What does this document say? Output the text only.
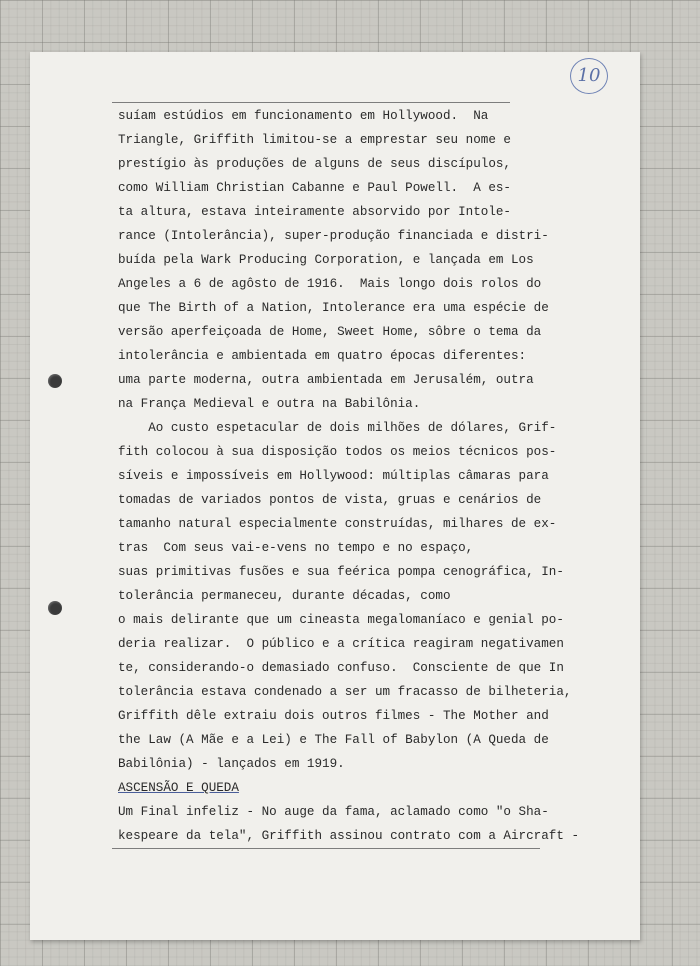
10
suíam estúdios em funcionamento em Hollywood.  Na
Triangle, Griffith limitou-se a emprestar seu nome e
prestígio às produções de alguns de seus discípulos,
como William Christian Cabanne e Paul Powell.  A es-
ta altura, estava inteiramente absorvido por Intole-
rance (Intolerância), super-produção financiada e distri-
buída pela Wark Producing Corporation, e lançada em Los
Angeles a 6 de agôsto de 1916.  Mais longo dois rolos do
que The Birth of a Nation, Intolerance era uma espécie de
versão aperfeiçoada de Home, Sweet Home, sôbre o tema da
intolerância e ambientada em quatro épocas diferentes:
uma parte moderna, outra ambientada em Jerusalém, outra
na França Medieval e outra na Babilônia.
Ao custo espetacular de dois milhões de dólares, Grif-
fith colocou à sua disposição todos os meios técnicos pos-
síveis e impossíveis em Hollywood: múltiplas câmaras para
tomadas de variados pontos de vista, gruas e cenários de
tamanho natural especialmente construídas, milhares de ex-
tras  Com seus vai-e-vens no tempo e no espaço,
suas primitivas fusões e sua feérica pompa cenográfica, In-
tolerância permaneceu, durante décadas, como
o mais delirante que um cineasta megalomaníaco e genial po-
deria realizar.  O público e a crítica reagiram negativamen
te, considerando-o demasiado confuso.  Consciente de que In
tolerância estava condenado a ser um fracasso de bilheteria,
Griffith dêle extraiu dois outros filmes - The Mother and
the Law (A Mãe e a Lei) e The Fall of Babylon (A Queda de
Babilônia) - lançados em 1919.
ASCENSÃO E QUEDA
Um Final infeliz - No auge da fama, aclamado como "o Sha-
kespeare da tela", Griffith assinou contrato com a Aircraft -
